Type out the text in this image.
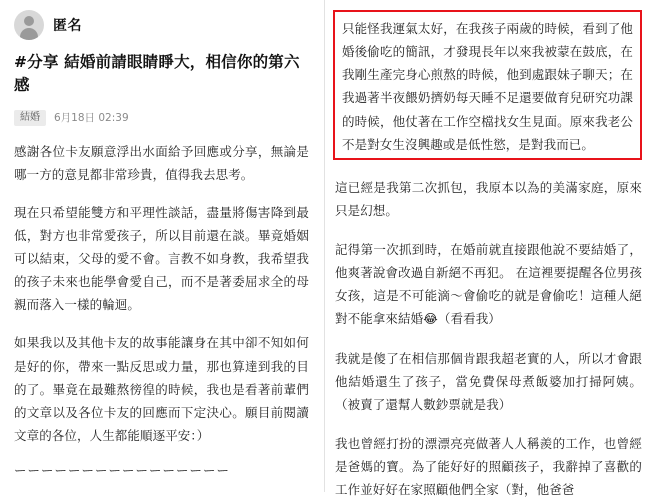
匿名
#分享 結婚前請眼睛睜大，相信你的第六感
結婚	6月18日 02:39

感謝各位卡友願意浮出水面給予回應或分享，無論是哪一方的意見都非常珍貴，值得我去思考。

現在只希望能雙方和平理性談話，盡量將傷害降到最低，對方也非常愛孩子，所以目前還在談。畢竟婚姻可以結束，父母的愛不會。言教不如身教，我希望我的孩子未來也能學會愛自己，而不是著委屈求全的母親而落入一樣的輪迴。

如果我以及其他卡友的故事能讓身在其中卻不知如何是好的你，帶來一點反思或力量，那也算達到我的目的了。畢竟在最難熬徬徨的時候，我也是看著前輩們的文章以及各位卡友的回應而下定決心。願目前閱讀文章的各位，人生都能順逐平安：）

ーーーーーーーーーーーーーーーー

只能怪我運氣太好，在我孩子兩歲的時候，看到了他婚後偷吃的簡訊，才發現長年以來我被蒙在鼓底，在我剛生產完身心煎熬的時候，他到處跟妹子聊天；在我過著半夜餵奶擠奶每天睡不足還要做育兒研究功課的時候，他仗著在工作空檔找女生見面。原來我老公不是對女生沒興趣或是低性慾，是對我而已。

這已經是我第二次抓包，我原本以為的美滿家庭，原來只是幻想。

記得第一次抓到時，在婚前就直接跟他說不要結婚了，他爽著說會改過自新絕不再犯。 在這裡要提醒各位男孩女孩，這是不可能滴～會偷吃的就是會偷吃！這種人絕對不能拿來結婚😂（看看我）

我就是傻了在相信那個肯跟我超老實的人，所以才會跟他結婚還生了孩子，當免費保母煮飯婆加打掃阿姨。（被賣了還幫人數鈔票就是我）

我也曾經打扮的漂漂亮亮做著人人稱羨的工作，也曾經是爸媽的寶。為了能好好的照顧孩子，我辭掉了喜歡的工作並好好在家照顧他們全家（對，他爸爸
